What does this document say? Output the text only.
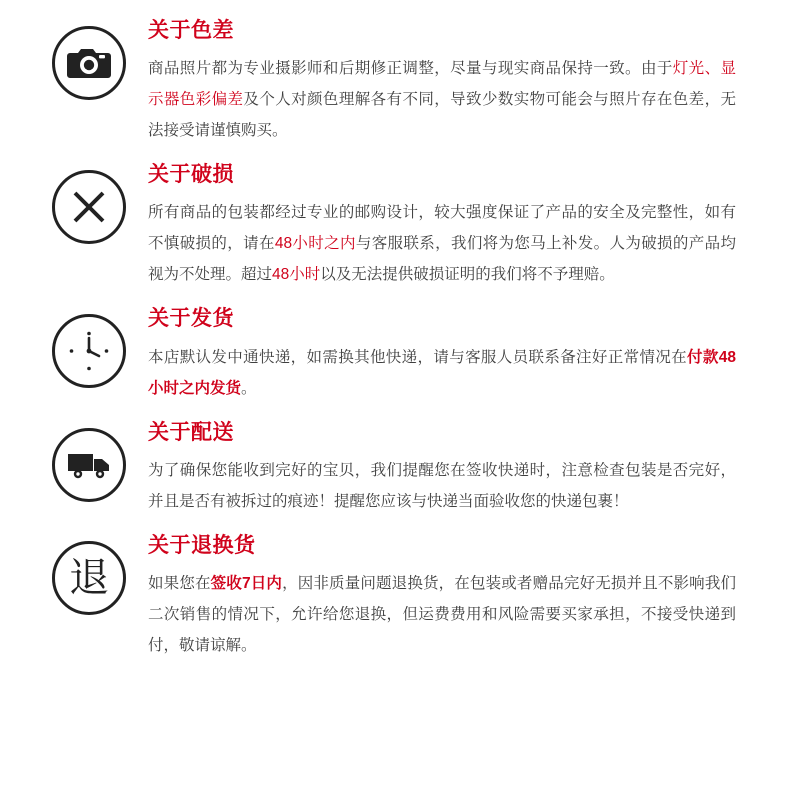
关于色差

商品照片都为专业摄影师和后期修正调整，尽量与现实商品保持一致。由于灯光、显示器色彩偏差及个人对颜色理解各有不同，导致少数实物可能会与照片存在色差，无法接受请谨慎购买。

关于破损

所有商品的包装都经过专业的邮购设计，较大强度保证了产品的安全及完整性，如有不慎破损的，请在48小时之内与客服联系，我们将为您马上补发。人为破损的产品均视为不处理。超过48小时以及无法提供破损证明的我们将不予理赔。

关于发货

本店默认发中通快递，如需换其他快递，请与客服人员联系备注好正常情况在付款48小时之内发货。

关于配送

为了确保您能收到完好的宝贝，我们提醒您在签收快递时，注意检查包装是否完好，并且是否有被拆过的痕迹！提醒您应该与快递当面验收您的快递包裹！

退
关于退换货

如果您在签收7日内，因非质量问题退换货，在包装或者赠品完好无损并且不影响我们二次销售的情况下，允许给您退换，但运费费用和风险需要买家承担，不接受快递到付，敬请谅解。
